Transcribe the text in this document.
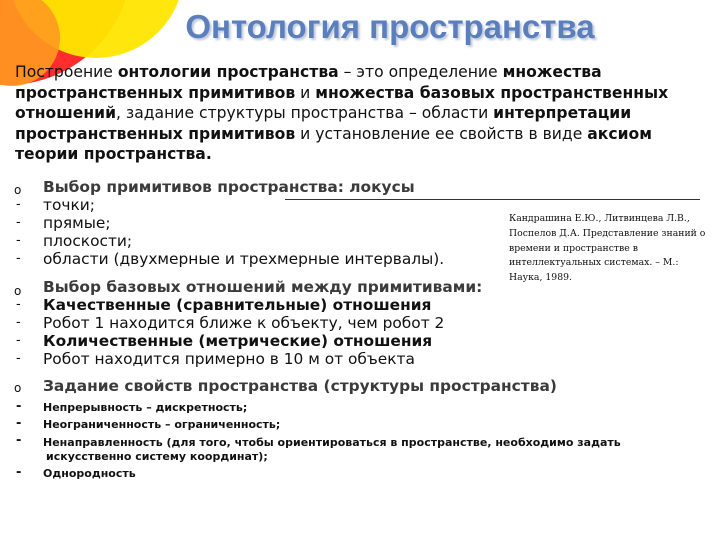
Онтология пространства
Построение онтологии пространства – это определение множества пространственных примитивов и множества базовых пространственных отношений, задание структуры пространства – области интерпретации пространственных примитивов и установление ее свойств в виде аксиом теории пространства.
o Выбор примитивов пространства: локусы
- точки;
- прямые;
- плоскости;
- области (двухмерные и трехмерные интервалы).
Кандрашина Е.Ю., Литвинцева Л.В.,
Поспелов Д.А. Представление знаний о
времени и пространстве в
интеллектуальных системах. – М.:
Наука, 1989.
o Выбор базовых отношений между примитивами:
- Качественные (сравнительные) отношения
- Робот 1 находится ближе к объекту, чем робот 2
- Количественные (метрические) отношения
- Робот находится примерно в 10 м от объекта
o Задание свойств пространства (структуры пространства)
- Непрерывность – дискретность;
- Неограниченность – ограниченность;
- Ненаправленность (для того, чтобы ориентироваться в пространстве, необходимо задать
искусственно систему координат);
- Однородность
